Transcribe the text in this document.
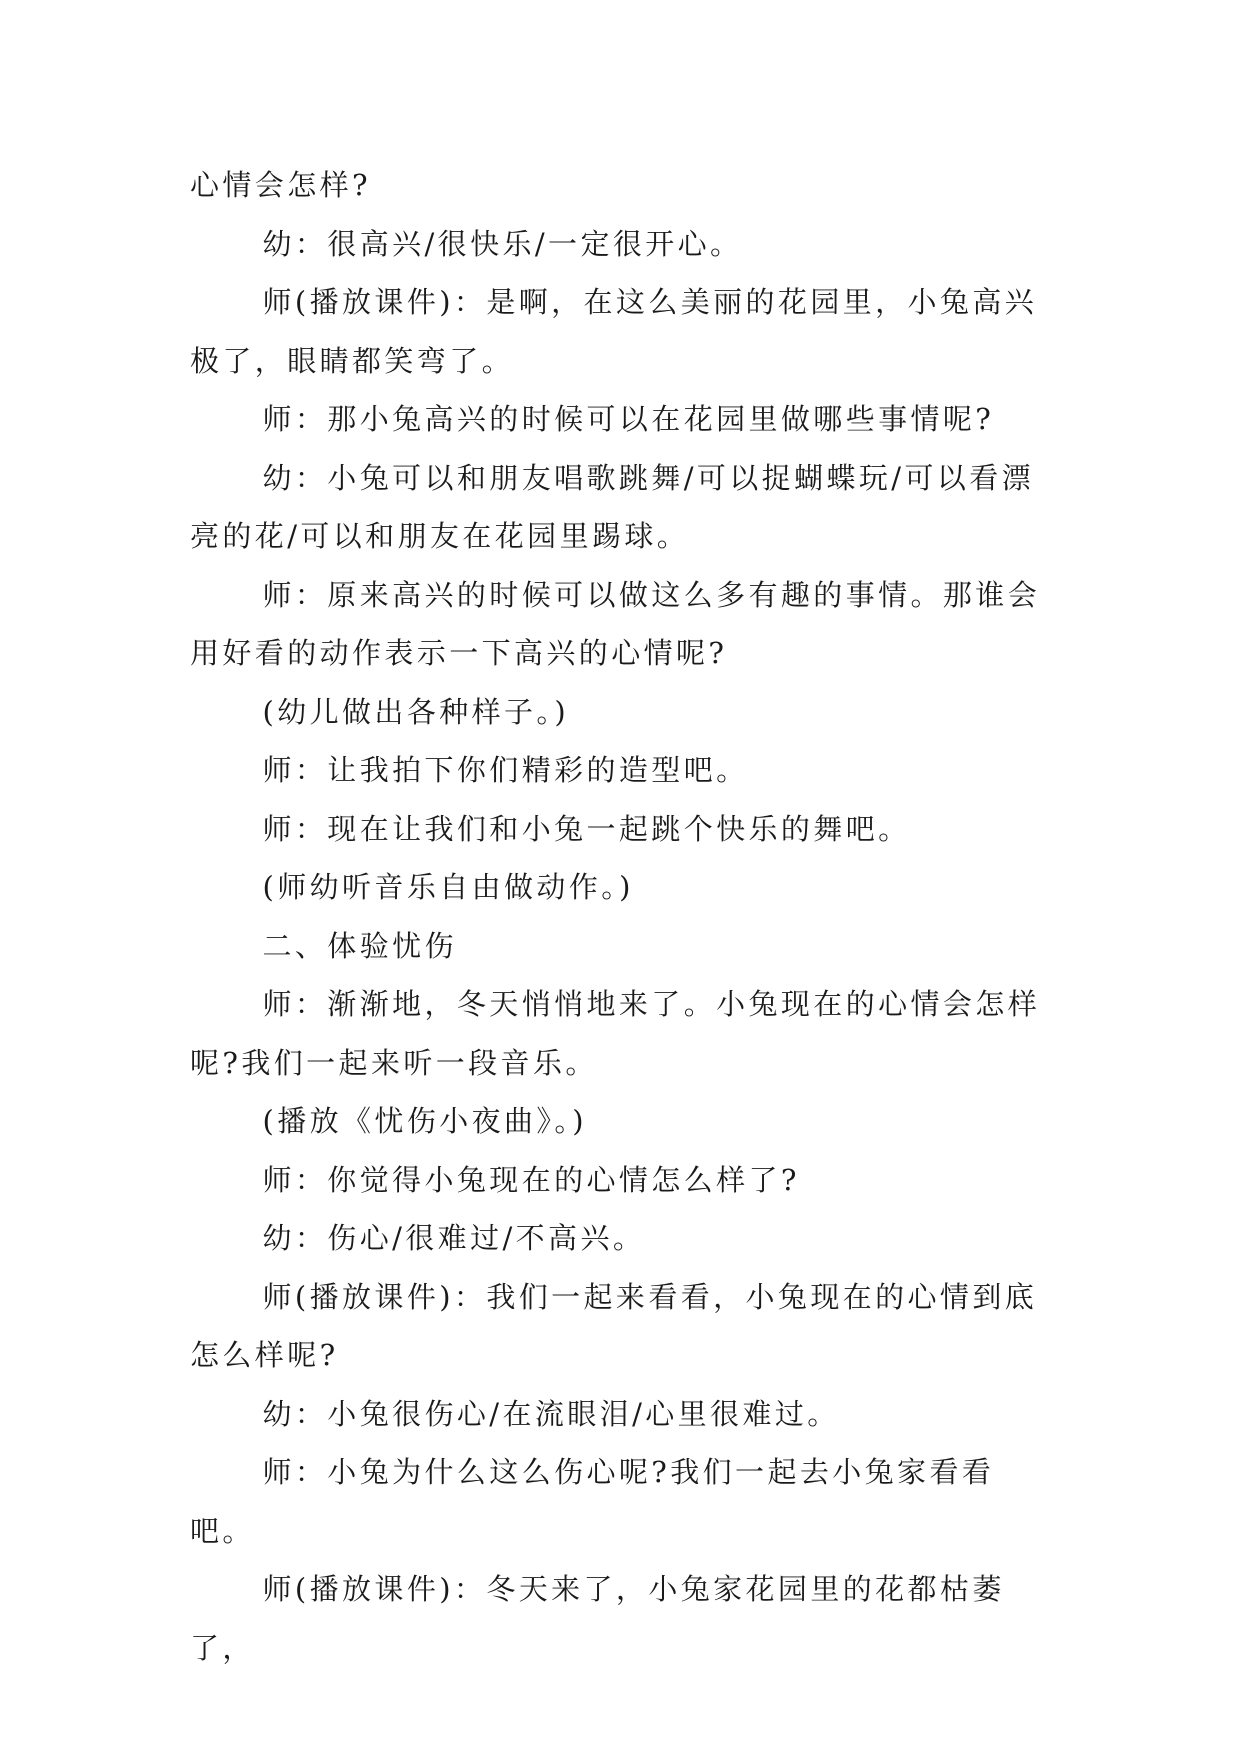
心情会怎样?

幼：很高兴/很快乐/一定很开心。

师(播放课件)：是啊，在这么美丽的花园里，小兔高兴极了，眼睛都笑弯了。

师：那小兔高兴的时候可以在花园里做哪些事情呢?

幼：小兔可以和朋友唱歌跳舞/可以捉蝴蝶玩/可以看漂亮的花/可以和朋友在花园里踢球。

师：原来高兴的时候可以做这么多有趣的事情。那谁会用好看的动作表示一下高兴的心情呢?

(幼儿做出各种样子。)

师：让我拍下你们精彩的造型吧。

师：现在让我们和小兔一起跳个快乐的舞吧。

(师幼听音乐自由做动作。)

二、体验忧伤

师：渐渐地，冬天悄悄地来了。小兔现在的心情会怎样呢?我们一起来听一段音乐。

(播放《忧伤小夜曲》。)

师：你觉得小兔现在的心情怎么样了?

幼：伤心/很难过/不高兴。

师(播放课件)：我们一起来看看，小兔现在的心情到底怎么样呢?

幼：小兔很伤心/在流眼泪/心里很难过。

师：小兔为什么这么伤心呢?我们一起去小兔家看看吧。

师(播放课件)：冬天来了，小兔家花园里的花都枯萎了，
